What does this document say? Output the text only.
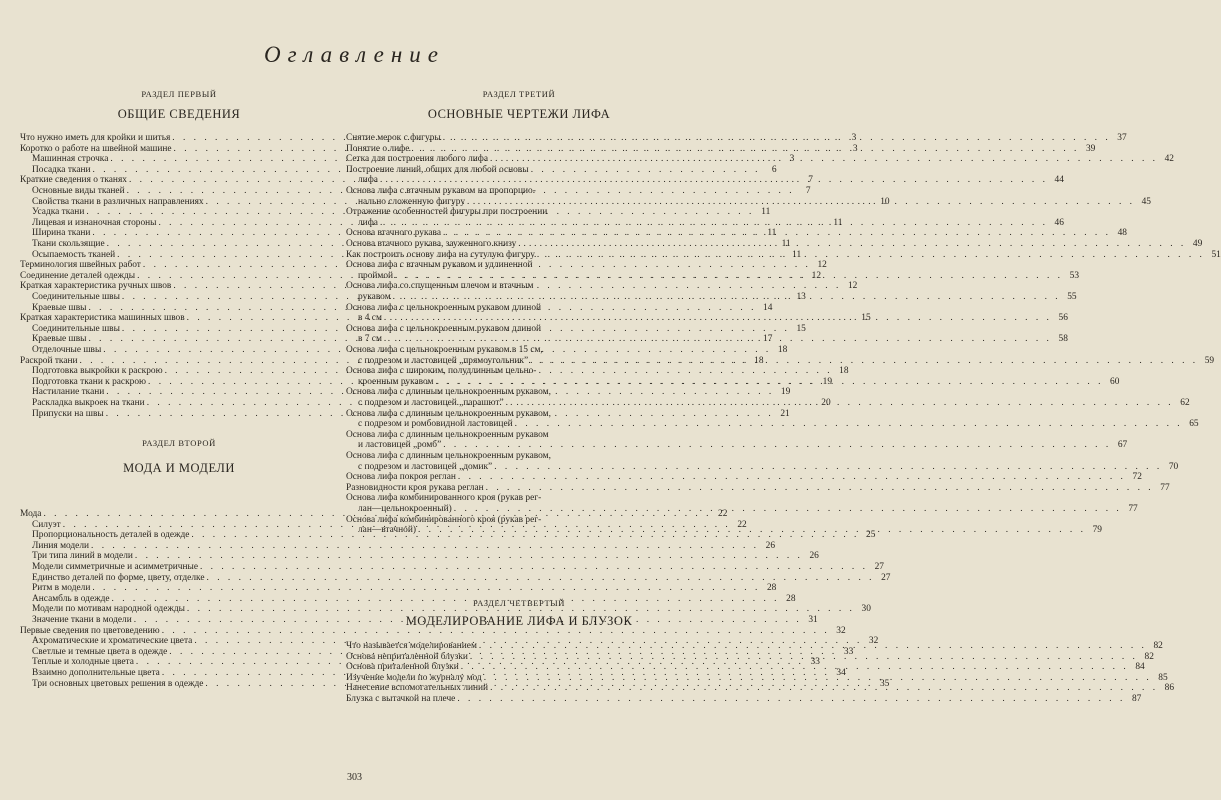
Оглавление
РАЗДЕЛ ПЕРВЫЙ
ОБЩИЕ СВЕДЕНИЯ
Что нужно иметь для кройки и шитья . . .	3
Коротко о работе на швейной машине . . .	3
Машинная строчка . . .	3
Посадка ткани . . .	6
Краткие сведения о тканях . . .	7
Основные виды тканей . . .	7
Свойства ткани в различных направлениях . . .	10
Усадка ткани . . .	11
Лицевая и изнаночная стороны . . .	11
Ширина ткани . . .	11
Ткани скользящие . . .	11
Осыпаемость тканей . . .	11
Терминология швейных работ . . .	12
Соединение деталей одежды . . .	12
Краткая характеристика ручных швов . . .	12
Соединительные швы . . .	13
Краевые швы . . .	14
Краткая характеристика машинных швов . . .	15
Соединительные швы . . .	15
Краевые швы . . .	17
Отделочные швы . . .	18
Раскрой ткани . . .	18
Подготовка выкройки к раскрою . . .	18
Подготовка ткани к раскрою . . .	19
Настилание ткани . . .	19
Раскладка выкроек на ткани . . .	20
Припуски на швы . . .	21
РАЗДЕЛ ВТОРОЙ
МОДА И МОДЕЛИ
Мода . . .	22
Силуэт . . .	22
Пропорциональность деталей в одежде . . .	25
Линия модели . . .	26
Три типа линий в модели . . .	26
Модели симметричные и асимметричные . . .	27
Единство деталей по форме, цвету, отделке . . .	27
Ритм в модели . . .	28
Ансамбль в одежде . . .	28
Модели по мотивам народной одежды . . .	30
Значение ткани в модели . . .	31
Первые сведения по цветоведению . . .	32
Ахроматические и хроматические цвета . . .	32
Светлые и темные цвета в одежде . . .	33
Теплые и холодные цвета . . .	33
Взаимно дополнительные цвета . . .	34
Три основных цветовых решения в одежде . . .	35
РАЗДЕЛ ТРЕТИЙ
ОСНОВНЫЕ ЧЕРТЕЖИ ЛИФА
Снятие мерок с фигуры . . .	37
Понятие о лифе . . .	39
Сетка для построения любого лифа . . .	42
Построение линий, общих для любой основы
лифа . . .	44
Основа лифа с втачным рукавом на пропорцио-
нально сложенную фигуру . . .	45
Отражение особенностей фигуры при построении
лифа . . .	46
Основа втачного рукава . . .	48
Основа втачного рукава, зауженного книзу . . .	49
Как построить основу лифа на сутулую фигуру . . .	51
Основа лифа с втачным рукавом и удлиненной
проймой . . .	53
Основа лифа со спущенным плечом и втачным
рукавом . . .	55
Основа лифа с цельнокроенным рукавом длиной
в 4 см . . .	56
Основа лифа с цельнокроенным рукавом длиной
в 7 см . . .	58
Основа лифа с цельнокроенным рукавом в 15 см,
с подрезом и ластовицей „прямоугольник” . . .	59
Основа лифа с широким, полудлинным цельно-
кроенным рукавом . . .	60
Основа лифа с длинным цельнокроенным рукавом,
с подрезом и ластовицей „парашют” . . .	62
Основа лифа с длинным цельнокроенным рукавом,
с подрезом и ромбовидной ластовицей . . .	65
Основа лифа с длинным цельнокроенным рукавом
и ластовицей „ромб” . . .	67
Основа лифа с длинным цельнокроенным рукавом,
с подрезом и ластовицей „домик” . . .	70
Основа лифа покроя реглан . . .	72
Разновидности кроя рукава реглан . . .	77
Основа лифа комбинированного кроя (рукав рег-
лан—цельнокроенный) . . .	77
Основа лифа комбинированного кроя (рукав рег-
лан—втачной) . . .	79
РАЗДЕЛ ЧЕТВЕРТЫЙ
МОДЕЛИРОВАНИЕ ЛИФА И БЛУЗОК
Что называется моделированием . . .	82
Основа неприталенной блузки . . .	82
Основа приталенной блузки . . .	84
Изучение модели по журналу мод . . .	85
Нанесение вспомогательных линий . . .	86
Блузка с вытачкой на плече . . .	87
303
